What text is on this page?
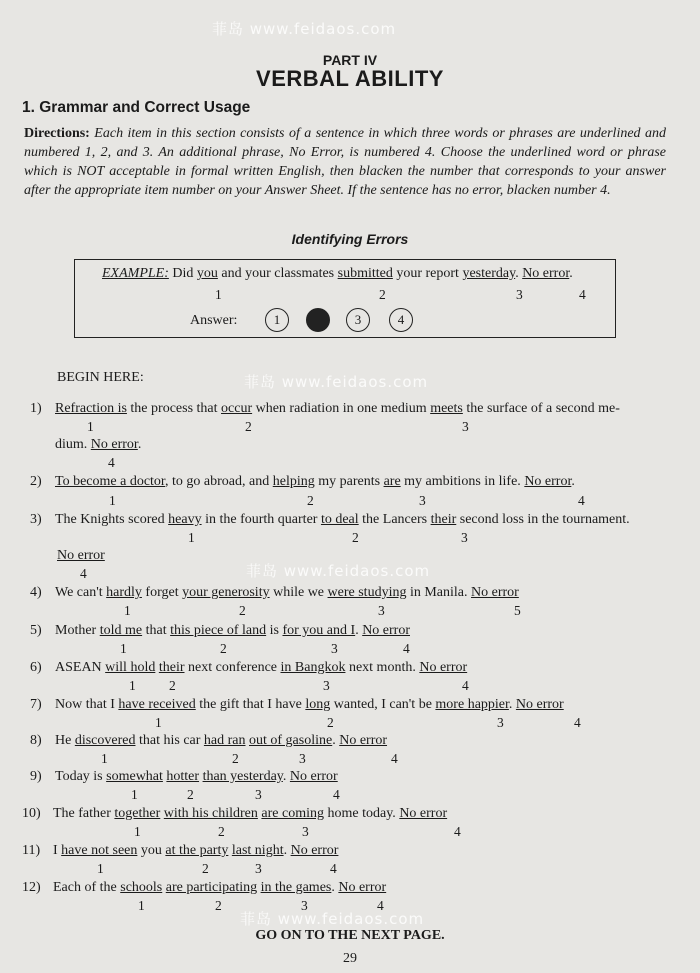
菲岛 www.feidaos.com
菲岛 www.feidaos.com
菲岛 www.feidaos.com
菲岛 www.feidaos.com
PART IV
VERBAL ABILITY
1. Grammar and Correct Usage
Directions: Each item in this section consists of a sentence in which three words or phrases are underlined and numbered 1, 2, and 3. An additional phrase, No Error, is numbered 4. Choose the underlined word or phrase which is NOT acceptable in formal written English, then blacken the number that corresponds to your answer after the appropriate item number on your Answer Sheet. If the sentence has no error, blacken number 4.
Identifying Errors
EXAMPLE: Did you and your classmates submitted your report yesterday. No error.
1	2	3	4
Answer:	1	3	4
BEGIN HERE:
1) Refraction is the process that occur when radiation in one medium meets the surface of a second me-
1	2	3
dium. No error.
4
2) To become a doctor, to go abroad, and helping my parents are my ambitions in life. No error.
1	2	3	4
3) The Knights scored heavy in the fourth quarter to deal the Lancers their second loss in the tournament.
1	2	3
No error
4
4) We can't hardly forget your generosity while we were studying in Manila. No error
1	2	3	5
5) Mother told me that this piece of land is for you and I. No error
1	2	3	4
6) ASEAN will hold their next conference in Bangkok next month. No error
1 2	3	4
7) Now that I have received the gift that I have long wanted, I can't be more happier. No error
1	2	3	4
8) He discovered that his car had ran out of gasoline. No error
1	2	3	4
9) Today is somewhat hotter than yesterday. No error
1	2	3	4
10) The father together with his children are coming home today. No error
1	2	3	4
11) I have not seen you at the party last night. No error
1	2	3	4
12) Each of the schools are participating in the games. No error
1	2	3	4
GO ON TO THE NEXT PAGE.
29
